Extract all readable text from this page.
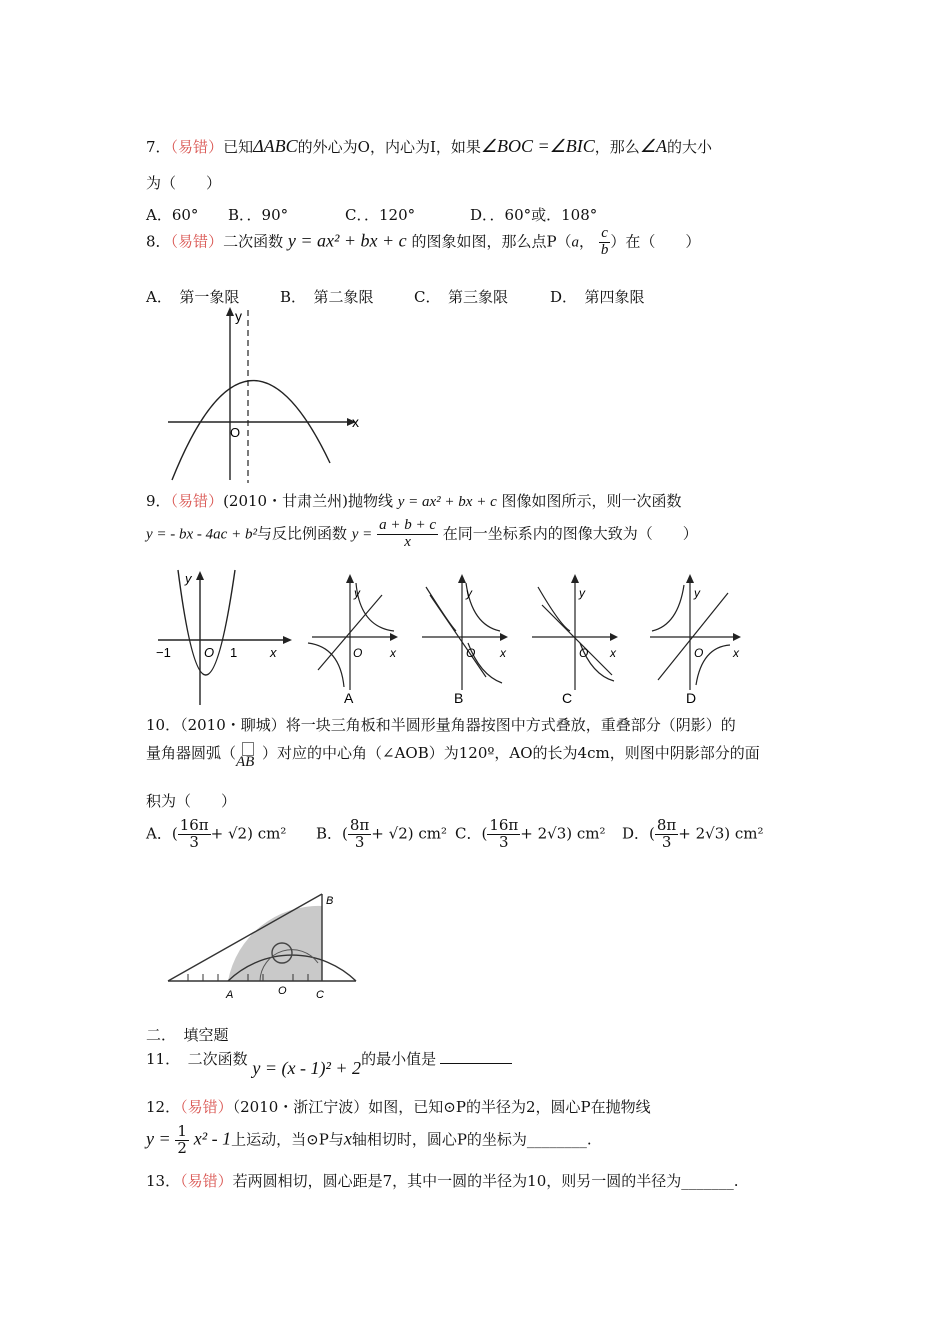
7．（易错）已知ΔABC的外心为O，内心为I，如果∠BOC =∠BIC，那么∠A的大小
为（　　）
A．60° B．．90°	C．．120°	D．．60°或．108°
8．（易错）二次函数 y = ax² + bx + c 的图象如图，那么点P（a， $\frac{c}{b}$ ）在（　　）
A．　第一象限	B．　第二象限	C．　第三象限	D．　第四象限
y
x
O
9．（易错）(2010・甘肃兰州)抛物线 y = ax² + bx + c 图像如图所示，则一次函数
y = - bx - 4ac + b²与反比例函数 $y = \frac{a + b + c}{x}$ 在同一坐标系内的图像大致为（　　）
y
x
O
−1	1
y
x
O
A
y
x
O
B
y
x
O
C
y
x
O
D
10．（2010・聊城）将一块三角板和半圆形量角器按图中方式叠放，重叠部分（阴影）的
量角器圆弧（ AB ）对应的中心角（∠AOB）为120º，AO的长为4cm，则图中阴影部分的面
积为（　　）
A．( $\frac{16\pi}{3} + √2$) cm² B．( $\frac{8\pi}{3} + √2$) cm² C．( $\frac{16\pi}{3} + 2√3$) cm² D．( $\frac{8\pi}{3} + 2√3$) cm²
A	O	C
B
二．　 填空题
11．　 二次函数 y = (x - 1)² + 2的最小值是
12．（易错）（2010・浙江宁波）如图，已知⊙P的半径为2，圆心P在抛物线
$y = \frac{1}{2} x^2 - 1$上运动，当⊙P与x轴相切时，圆心P的坐标为________.
13．（易错）若两圆相切，圆心距是7，其中一圆的半径为10，则另一圆的半径为_______.
